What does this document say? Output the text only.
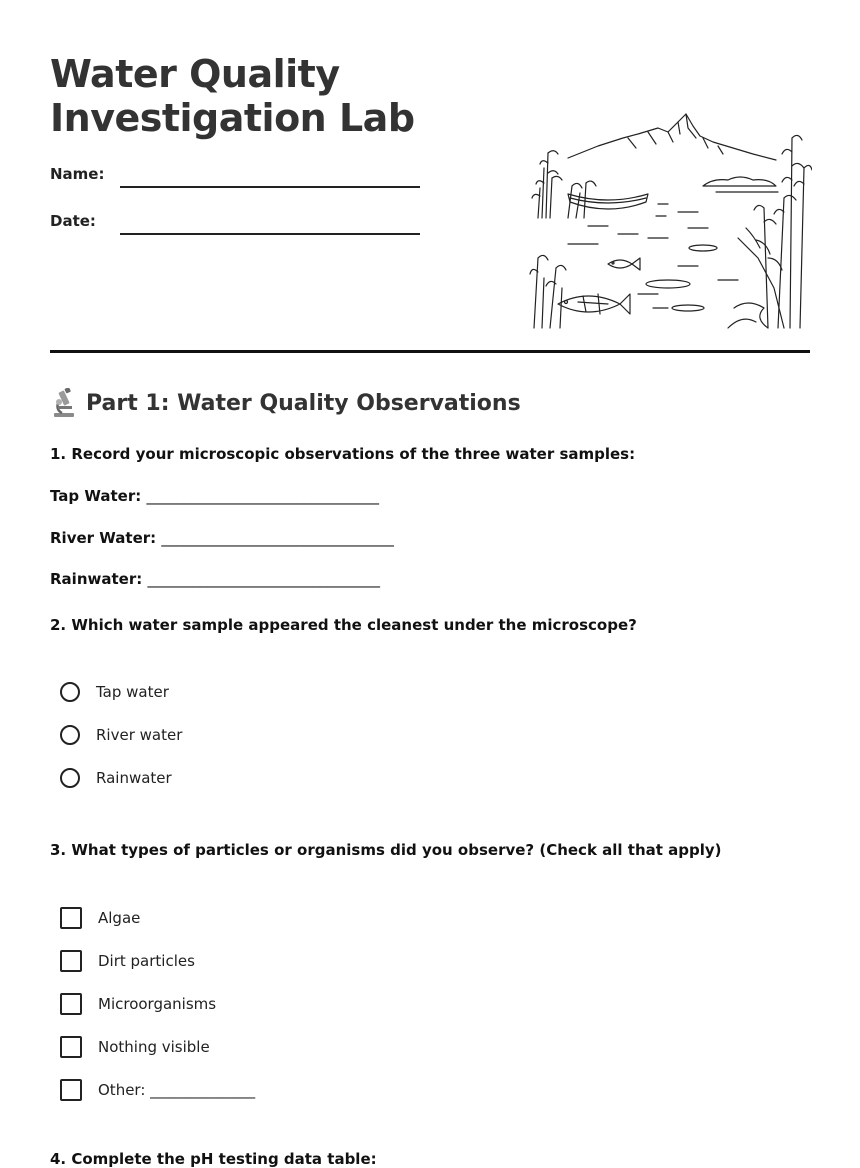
Water Quality
Investigation Lab
Name:
Date:
Part 1: Water Quality Observations

1. Record your microscopic observations of the three water samples:

Tap Water: _______________________________
River Water: _______________________________
Rainwater: _______________________________

2. Which water sample appeared the cleanest under the microscope?

Tap water
River water
Rainwater

3. What types of particles or organisms did you observe? (Check all that apply)

Algae
Dirt particles
Microorganisms
Nothing visible
Other: ______________
4. Complete the pH testing data table:
